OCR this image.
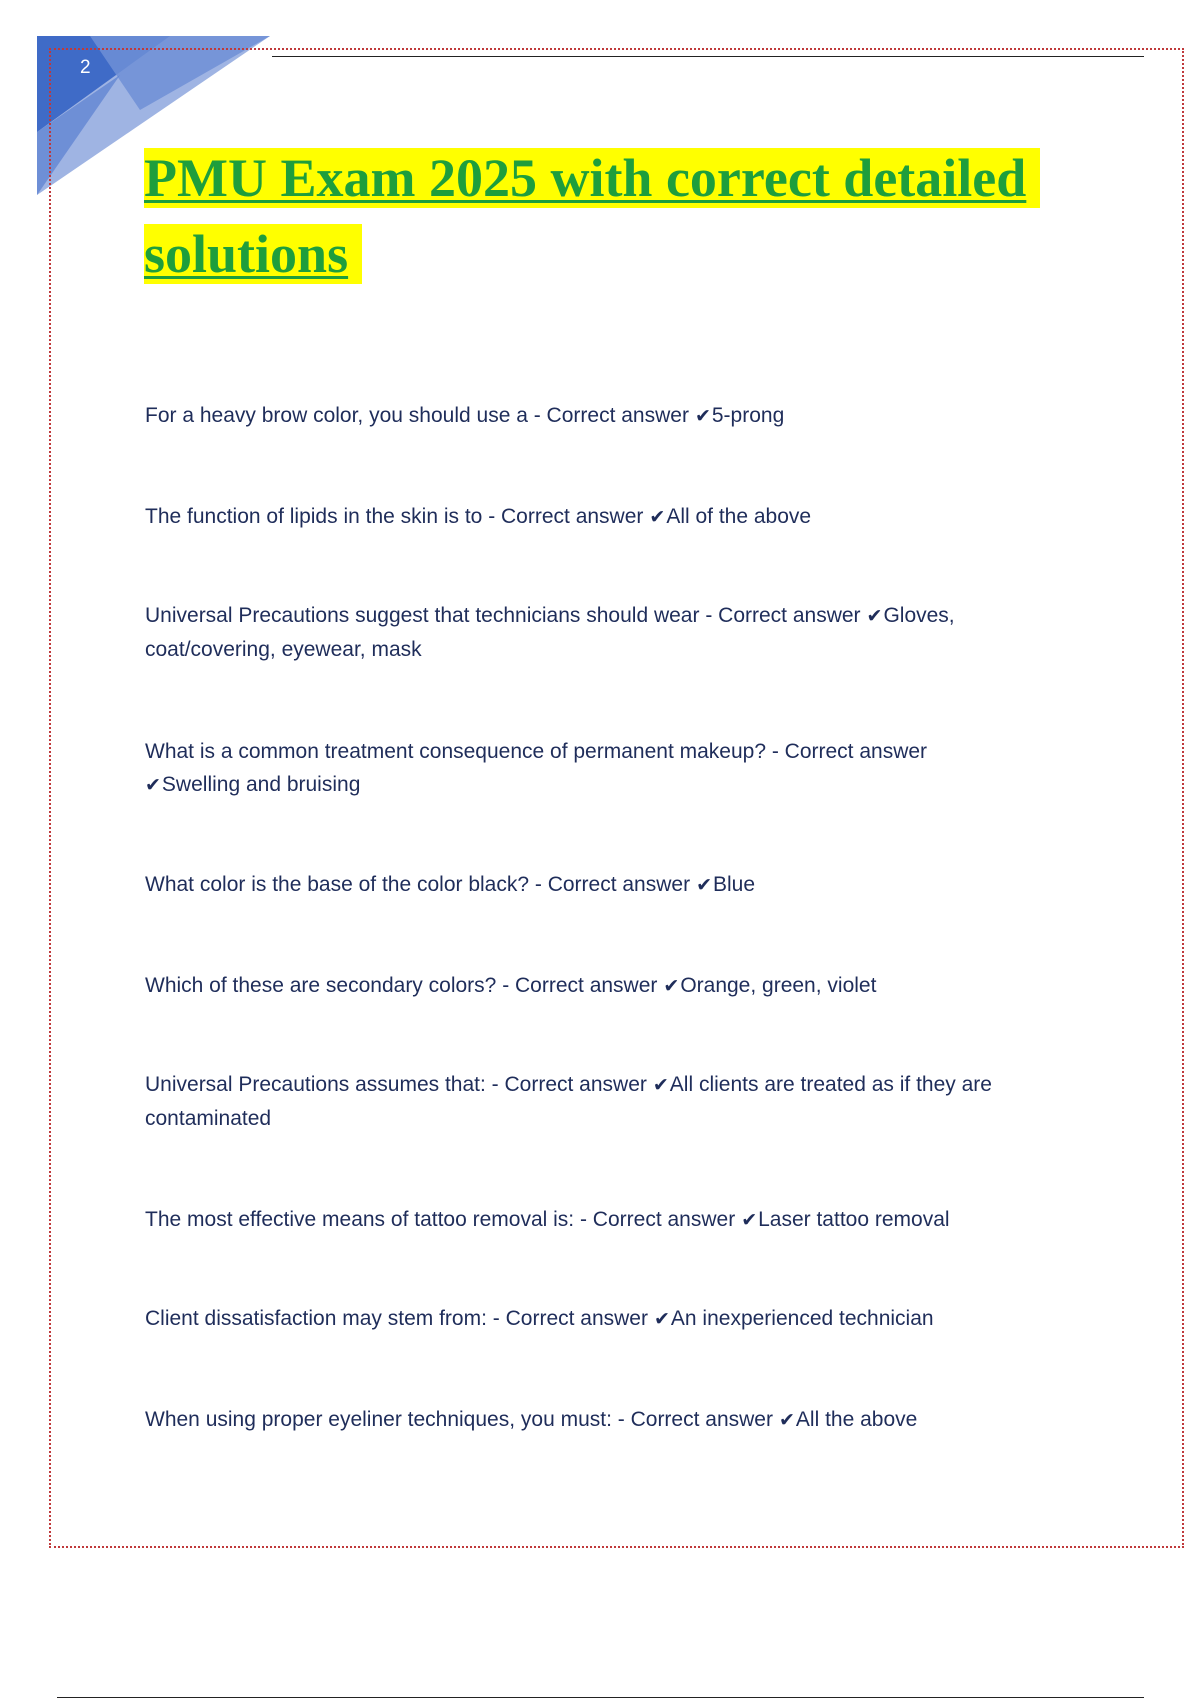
2
PMU Exam 2025 with correct detailed
solutions
For a heavy brow color, you should use a - Correct answer ✔5-prong
The function of lipids in the skin is to - Correct answer ✔All of the above
Universal Precautions suggest that technicians should wear - Correct answer ✔Gloves, coat/covering, eyewear, mask
What is a common treatment consequence of permanent makeup? - Correct answer
✔Swelling and bruising
What color is the base of the color black? - Correct answer ✔Blue
Which of these are secondary colors? - Correct answer ✔Orange, green, violet
Universal Precautions assumes that: - Correct answer ✔All clients are treated as if they are contaminated
The most effective means of tattoo removal is: - Correct answer ✔Laser tattoo removal
Client dissatisfaction may stem from: - Correct answer ✔An inexperienced technician
When using proper eyeliner techniques, you must: - Correct answer ✔All the above
